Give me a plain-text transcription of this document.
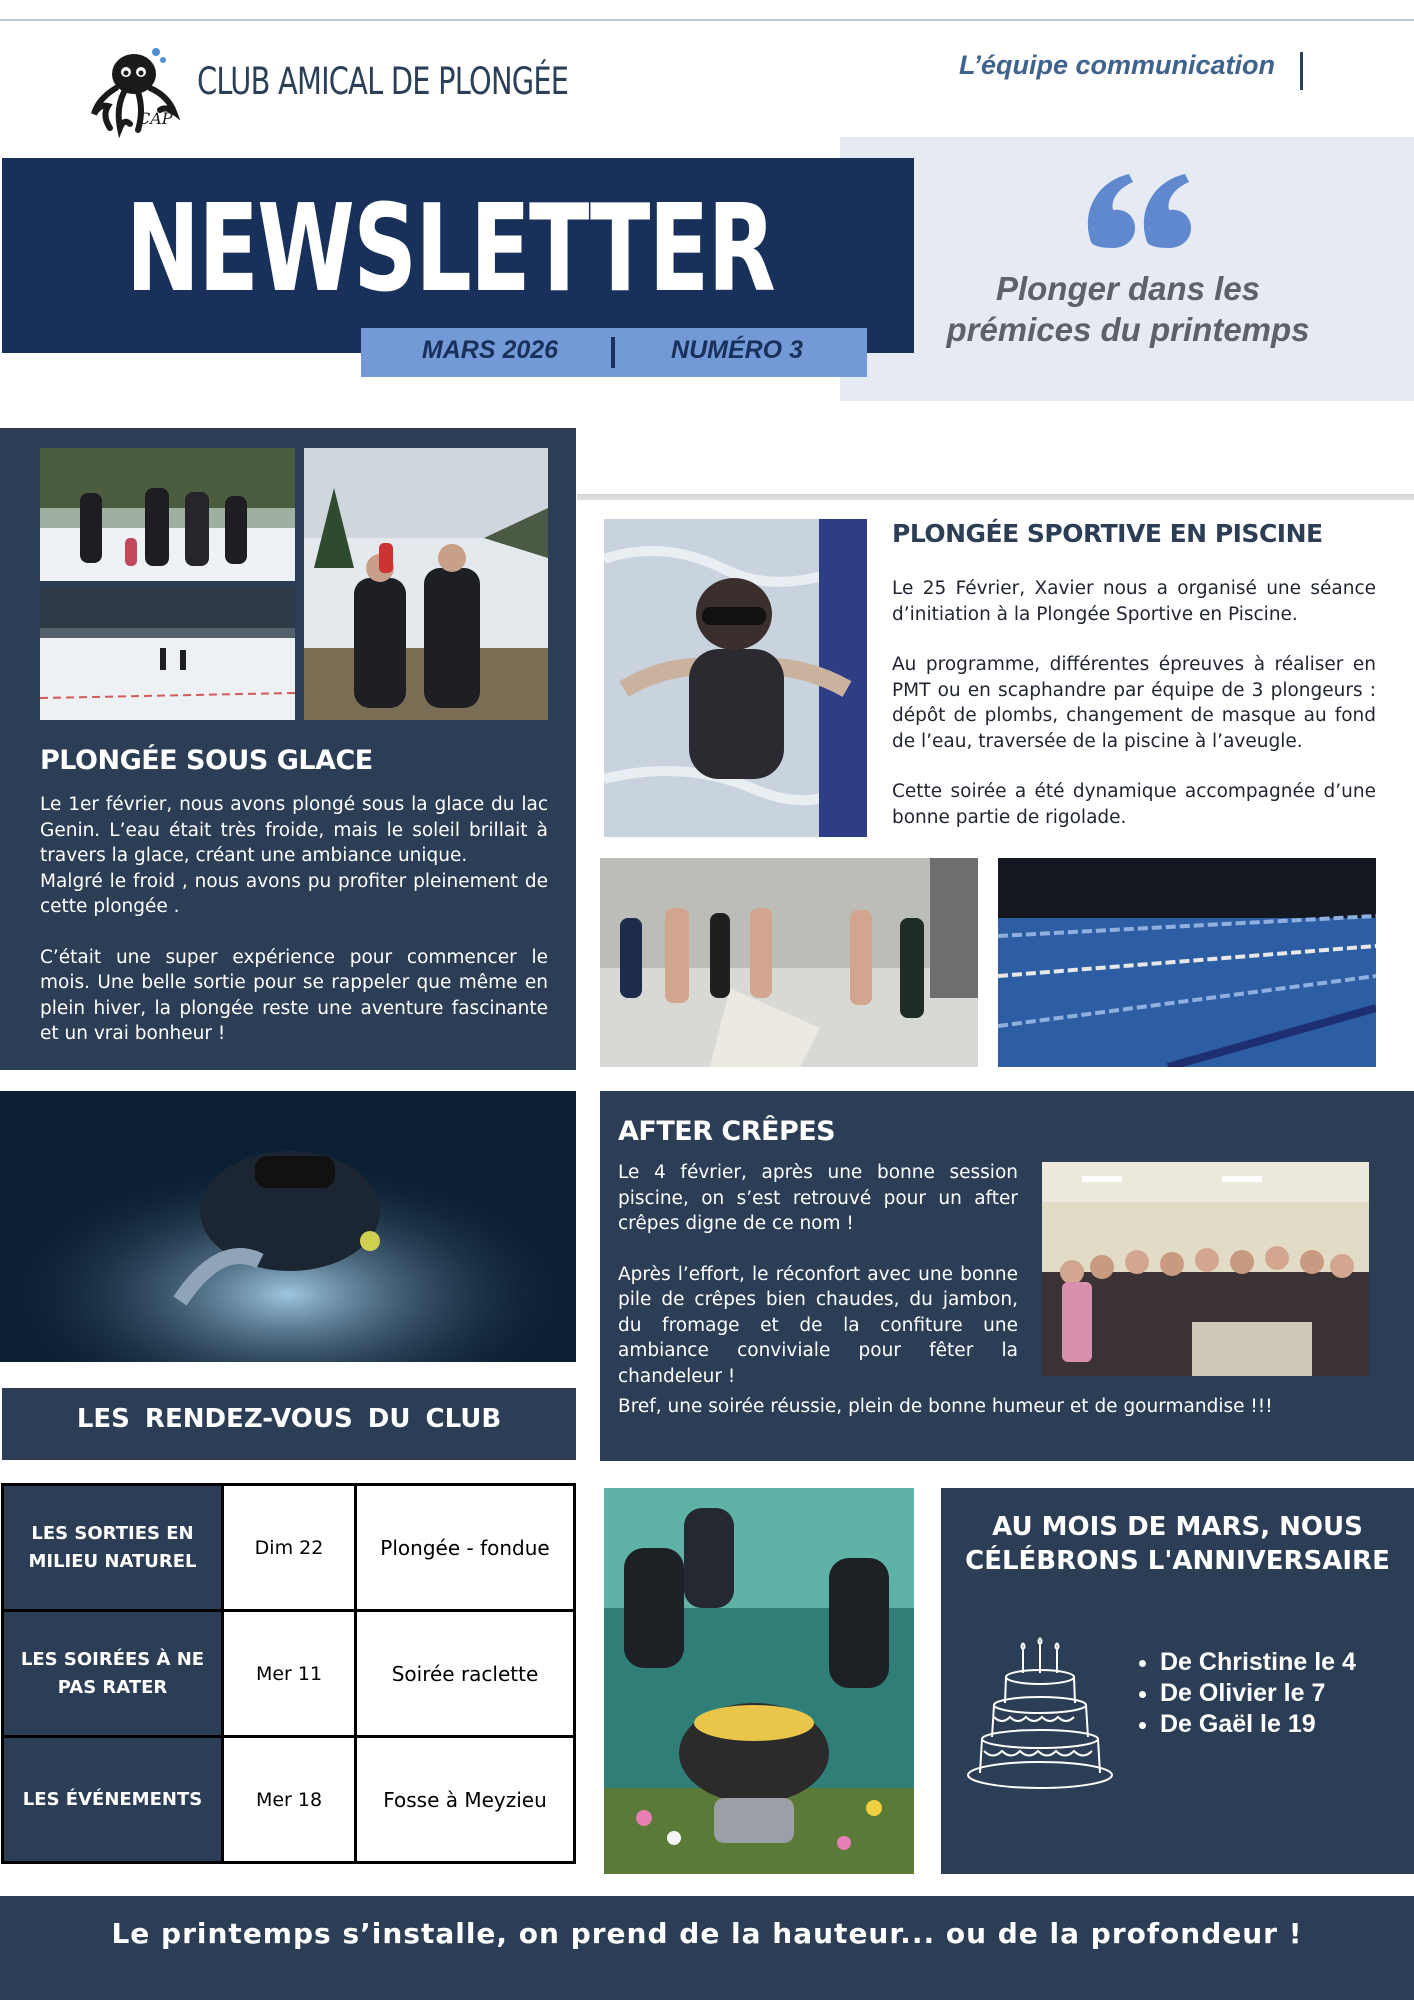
CAP
CLUB AMICAL DE PLONGÉE	L’équipe communication
Plonger dans les
prémices du printemps
NEWSLETTER
MARS 2026	NUMÉRO 3
PLONGÉE SOUS GLACE
Le 1er février, nous avons plongé sous la glace du lac Genin. L’eau était très froide, mais le soleil brillait à travers la glace, créant une ambiance unique.
Malgré le froid , nous avons pu profiter pleinement de cette plongée .
C’était une super expérience pour commencer le mois. Une belle sortie pour se rappeler que même en plein hiver, la plongée reste une aventure fascinante et un vrai bonheur !
PLONGÉE SPORTIVE EN PISCINE
Le 25 Février, Xavier nous a organisé une séance d’initiation à la Plongée Sportive en Piscine.
Au programme, différentes épreuves à réaliser en PMT ou en scaphandre par équipe de 3 plongeurs : dépôt de plombs, changement de masque au fond de l’eau, traversée de la piscine à l’aveugle.
Cette soirée a été dynamique accompagnée d’une bonne partie de rigolade.
AFTER CRÊPES
Le 4 février, après une bonne session piscine, on s’est retrouvé pour un after crêpes digne de ce nom !
Après l’effort, le réconfort avec une bonne pile de crêpes bien chaudes, du jambon, du fromage et de la confiture une ambiance conviviale pour fêter la chandeleur !
Bref, une soirée réussie, plein de bonne humeur et de gourmandise !!!
LES RENDEZ-VOUS DU CLUB
LES SORTIES EN MILIEU NATUREL	Dim 22	Plongée - fondue
LES SOIRÉES À NE PAS RATER	Mer 11	Soirée raclette
LES ÉVÉNEMENTS	Mer 18	Fosse à Meyzieu
AU MOIS DE MARS, NOUS CÉLÉBRONS L'ANNIVERSAIRE
• De Christine le 4
• De Olivier le 7
• De Gaël le 19
Le printemps s’installe, on prend de la hauteur... ou de la profondeur !
